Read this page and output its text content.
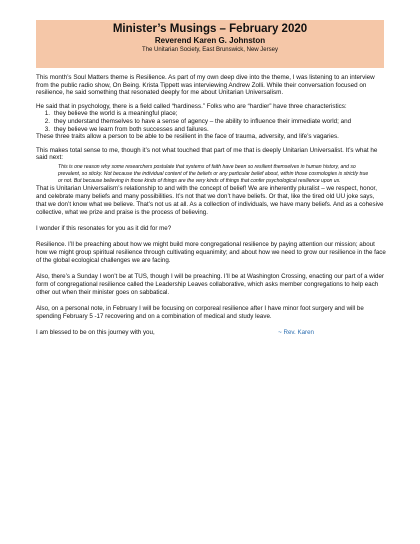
Minister’s Musings – February 2020
Reverend Karen G. Johnston
The Unitarian Society, East Brunswick, New Jersey

This month’s Soul Matters theme is Resilience. As part of my own deep dive into the theme, I was listening to an interview from the public radio show, On Being. Krista Tippett was interviewing Andrew Zolli. While their conversation focused on resilience, he said something that resonated deeply for me about Unitarian Universalism.

He said that in psychology, there is a field called “hardiness.” Folks who are “hardier” have three characteristics:

1. they believe the world is a meaningful place;
2. they understand themselves to have a sense of agency – the ability to influence their immediate world; and
3. they believe we learn from both successes and failures.

These three traits allow a person to be able to be resilient in the face of trauma, adversity, and life’s vagaries.

This makes total sense to me, though it’s not what touched that part of me that is deeply Unitarian Universalist. It’s what he said next:

This is one reason why some researchers postulate that systems of faith have been so resilient themselves in human history, and so prevalent, so sticky. Not because the individual content of the beliefs or any particular belief about, within those cosmologies is strictly true or not. But because believing in those kinds of things are the very kinds of things that confer psychological resilience upon us.

That is Unitarian Universalism’s relationship to and with the concept of belief! We are inherently pluralist – we respect, honor, and celebrate many beliefs and many possibilities. It’s not that we don’t have beliefs. Or that, like the tired old UU joke says, that we don’t know what we believe. That’s not us at all. As a collection of individuals, we have many beliefs. And as a cohesive collective, what we prize and praise is the process of believing.

I wonder if this resonates for you as it did for me?

Resilience. I’ll be preaching about how we might build more congregational resilience by paying attention our mission; about how we might group spiritual resilience through cultivating equanimity; and about how we need to grow our resilience in the face of the global ecological challenges we are facing.

Also, there’s a Sunday I won’t be at TUS, though I will be preaching. I’ll be at Washington Crossing, enacting our part of a wider form of congregational resilience called the Leadership Leaves collaborative, which asks member congregations to help each other out when their minister goes on sabbatical.

Also, on a personal note, in February I will be focusing on corporeal resilience after I have minor foot surgery and will be spending February 5 -17 recovering and on a combination of medical and study leave.

I am blessed to be on this journey with you,	~ Rev. Karen
